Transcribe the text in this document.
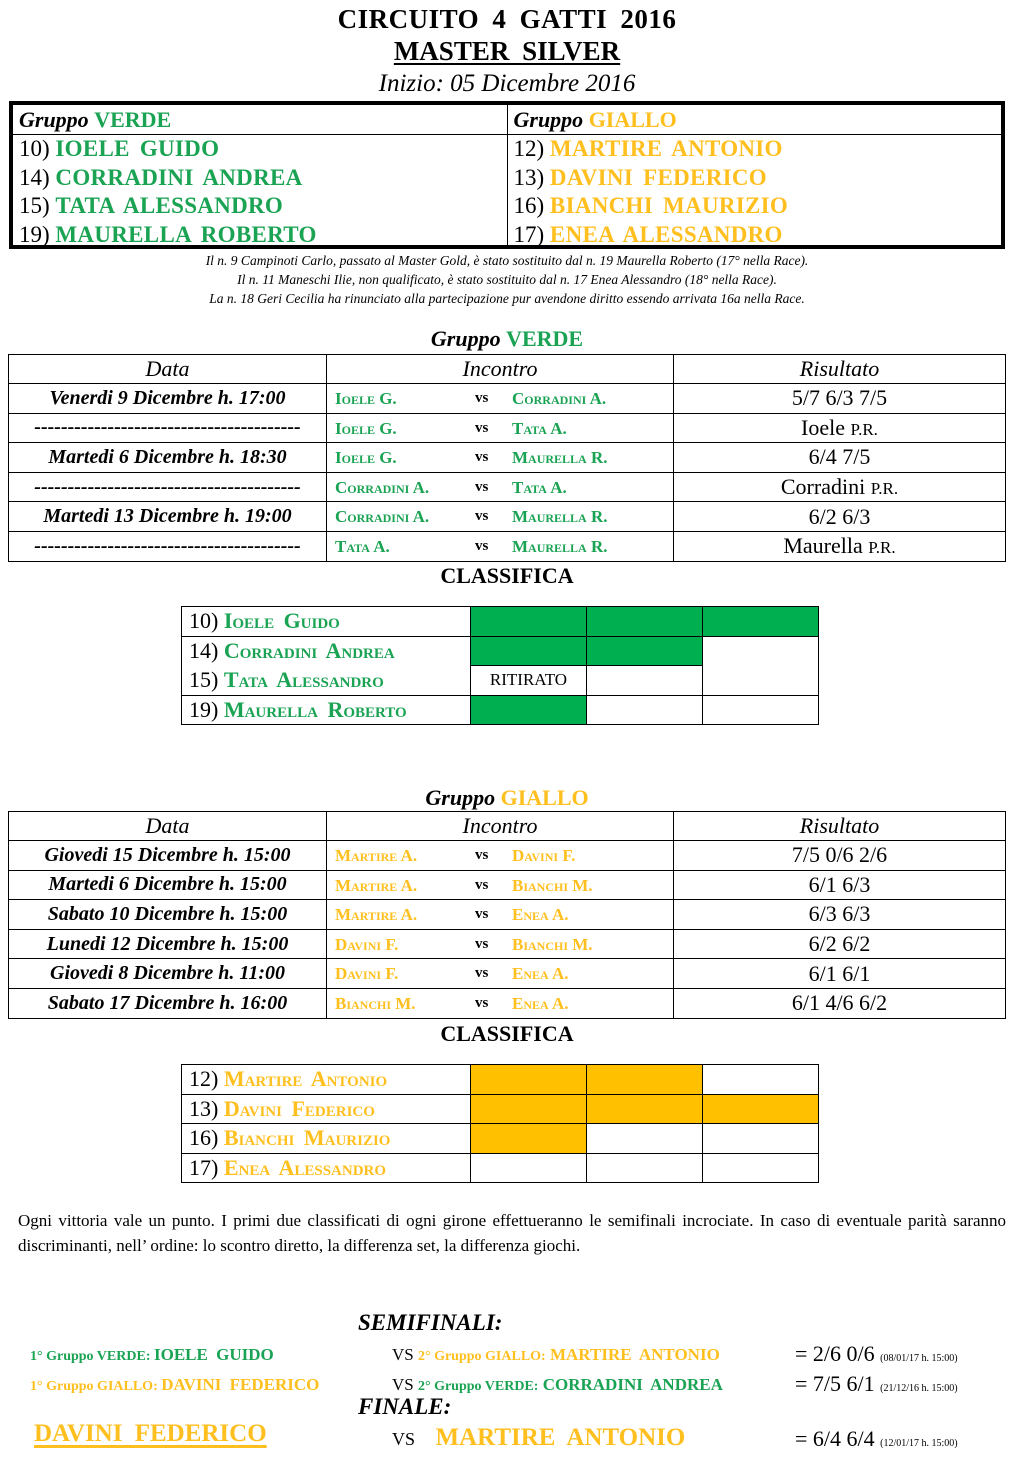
CIRCUITO 4 GATTI 2016
MASTER SILVER
Inizio: 05 Dicembre 2016
Gruppo VERDE
10) IOELE GUIDO
14) CORRADINI ANDREA
15) TATA ALESSANDRO
19) MAURELLA ROBERTO
Gruppo GIALLO
12) MARTIRE ANTONIO
13) DAVINI FEDERICO
16) BIANCHI MAURIZIO
17) ENEA ALESSANDRO
Il n. 9 Campinoti Carlo, passato al Master Gold, è stato sostituito dal n. 19 Maurella Roberto (17° nella Race).
Il n. 11 Maneschi Ilie, non qualificato, è stato sostituito dal n. 17 Enea Alessandro (18° nella Race).
La n. 18 Geri Cecilia ha rinunciato alla partecipazione pur avendone diritto essendo arrivata 16a nella Race.
Gruppo VERDE
Data	Incontro	Risultato
Venerdi 9 Dicembre h. 17:00	Ioele G. vs Corradini A.	5/7 6/3 7/5
----------------------------------------	Ioele G. vs Tata A.	Ioele P.R.
Martedi 6 Dicembre h. 18:30	Ioele G. vs Maurella R.	6/4 7/5
----------------------------------------	Corradini A. vs Tata A.	Corradini P.R.
Martedi 13 Dicembre h. 19:00	Corradini A. vs Maurella R.	6/2 6/3
----------------------------------------	Tata A. vs Maurella R.	Maurella P.R.
CLASSIFICA
10) Ioele Guido			
14) Corradini Andrea			
15) Tata Alessandro	RITIRATO		
19) Maurella Roberto			
Gruppo GIALLO
Data	Incontro	Risultato
Giovedi 15 Dicembre h. 15:00	Martire A. vs Davini F.	7/5 0/6 2/6
Martedi 6 Dicembre h. 15:00	Martire A. vs Bianchi M.	6/1 6/3
Sabato 10 Dicembre h. 15:00	Martire A. vs Enea A.	6/3 6/3
Lunedi 12 Dicembre h. 15:00	Davini F. vs Bianchi M.	6/2 6/2
Giovedi 8 Dicembre h. 11:00	Davini F. vs Enea A.	6/1 6/1
Sabato 17 Dicembre h. 16:00	Bianchi M. vs Enea A.	6/1 4/6 6/2
CLASSIFICA
12) Martire Antonio			
13) Davini Federico			
16) Bianchi Maurizio			
17) Enea Alessandro			
Ogni vittoria vale un punto. I primi due classificati di ogni girone effettueranno le semifinali incrociate. In caso di eventuale parità saranno discriminanti, nell’ ordine: lo scontro diretto, la differenza set, la differenza giochi.
SEMIFINALI:
1° Gruppo VERDE: IOELE GUIDO	VS 2° Gruppo GIALLO: MARTIRE ANTONIO	= 2/6 0/6 (08/01/17 h. 15:00)
1° Gruppo GIALLO: DAVINI FEDERICO	VS 2° Gruppo VERDE: CORRADINI ANDREA	= 7/5 6/1 (21/12/16 h. 15:00)
FINALE:
DAVINI FEDERICO	VS MARTIRE ANTONIO	= 6/4 6/4 (12/01/17 h. 15:00)
